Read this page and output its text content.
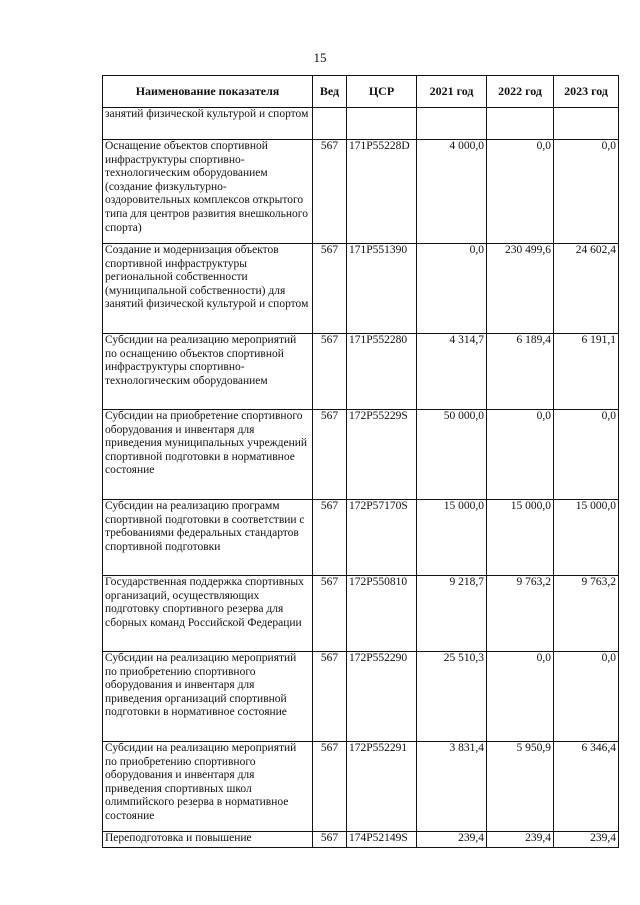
15
Наименование показателя	Вед	ЦСР	2021 год	2022 год	2023 год
занятий физической культурой и спортом					
Оснащение объектов спортивной инфраструктуры спортивно-технологическим оборудованием (создание физкультурно-оздоровительных комплексов открытого типа для центров развития внешкольного спорта)	567	171P55228D	4 000,0	0,0	0,0
Создание и модернизация объектов спортивной инфраструктуры региональной собственности (муниципальной собственности) для занятий физической культурой и спортом	567	171P551390	0,0	230 499,6	24 602,4
Субсидии на реализацию мероприятий по оснащению объектов спортивной инфраструктуры спортивно-технологическим оборудованием	567	171P552280	4 314,7	6 189,4	6 191,1
Субсидии на приобретение спортивного оборудования и инвентаря для приведения муниципальных учреждений спортивной подготовки в нормативное состояние	567	172P55229S	50 000,0	0,0	0,0
Субсидии на реализацию программ спортивной подготовки в соответствии с требованиями федеральных стандартов спортивной подготовки	567	172P57170S	15 000,0	15 000,0	15 000,0
Государственная поддержка спортивных организаций, осуществляющих подготовку спортивного резерва для сборных команд Российской Федерации	567	172P550810	9 218,7	9 763,2	9 763,2
Субсидии на реализацию мероприятий по приобретению спортивного оборудования и инвентаря для приведения организаций спортивной подготовки в нормативное состояние	567	172P552290	25 510,3	0,0	0,0
Субсидии на реализацию мероприятий по приобретению спортивного оборудования и инвентаря для приведения спортивных школ олимпийского резерва в нормативное состояние	567	172P552291	3 831,4	5 950,9	6 346,4
Переподготовка и повышение	567	174P52149S	239,4	239,4	239,4
